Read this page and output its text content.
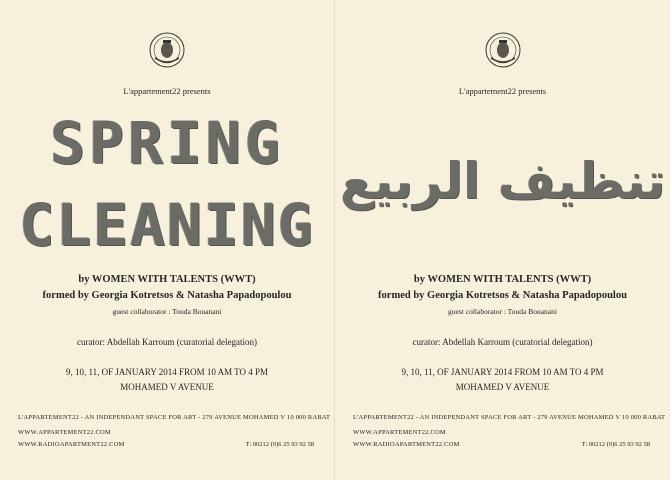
L'appartement22 presents
SPRING
CLEANING
by WOMEN WITH TALENTS (WWT)
formed by Georgia Kotretsos & Natasha Papadopoulou
guest collaborator : Touda Bouanani
curator: Abdellah Karroum (curatorial delegation)
9, 10, 11, OF JANUARY 2014 FROM 10 AM TO 4 PM
MOHAMED V AVENUE
L'APPARTEMENT22 - AN INDEPENDANT SPACE FOR ART - 279 AVENUE MOHAMED V 10 000 RABAT
WWW.APPARTEMENT22.COM
WWW.RADIOAPARTMENT22.COM	T: 00212 (0)6 25 93 92 58
L'appartement22 presents
تنظيف الربيع
by WOMEN WITH TALENTS (WWT)
formed by Georgia Kotretsos & Natasha Papadopoulou
guest collaborator : Touda Bouanani
curator: Abdellah Karroum (curatorial delegation)
9, 10, 11, OF JANUARY 2014 FROM 10 AM TO 4 PM
MOHAMED V AVENUE
L'APPARTEMENT22 - AN INDEPENDANT SPACE FOR ART - 279 AVENUE MOHAMED V 10 000 RABAT
WWW.APPARTEMENT22.COM
WWW.RADIOAPARTMENT22.COM	T: 00212 (0)6 25 93 92 58
